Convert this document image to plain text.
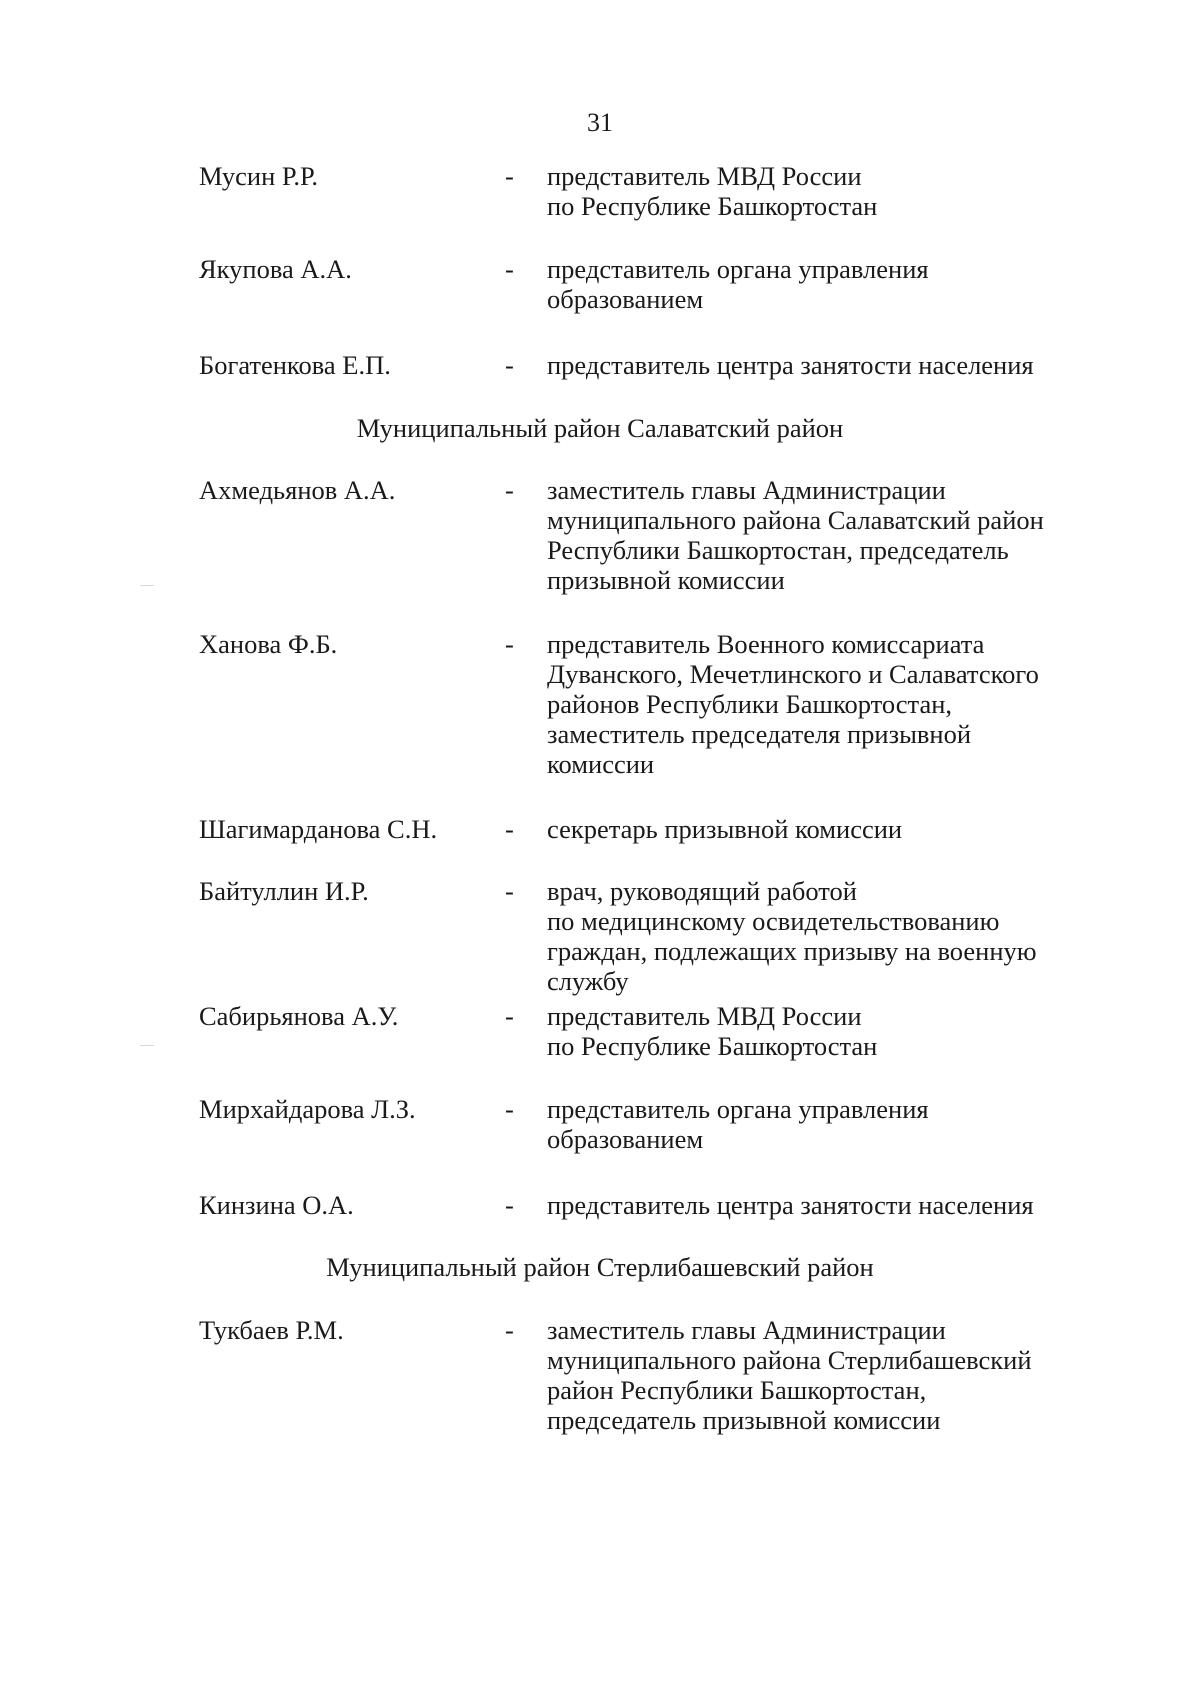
31
Мусин Р.Р.	- представитель МВД России
по Республике Башкортостан
Якупова А.А.	- представитель органа управления
образованием
Богатенкова Е.П.	- представитель центра занятости населения
Муниципальный район Салаватский район
Ахмедьянов А.А.	- заместитель главы Администрации
муниципального района Салаватский район
Республики Башкортостан, председатель
призывной комиссии
Ханова Ф.Б.	- представитель Военного комиссариата
Дуванского, Мечетлинского и Салаватского
районов Республики Башкортостан,
заместитель председателя призывной
комиссии
Шагимарданова С.Н.	- секретарь призывной комиссии
Байтуллин И.Р.	- врач, руководящий работой
по медицинскому освидетельствованию
граждан, подлежащих призыву на военную
службу
Сабирьянова А.У.	- представитель МВД России
по Республике Башкортостан
Мирхайдарова Л.З.	- представитель органа управления
образованием
Кинзина О.А.	- представитель центра занятости населения
Муниципальный район Стерлибашевский район
Тукбаев Р.М.	- заместитель главы Администрации
муниципального района Стерлибашевский
район Республики Башкортостан,
председатель призывной комиссии
